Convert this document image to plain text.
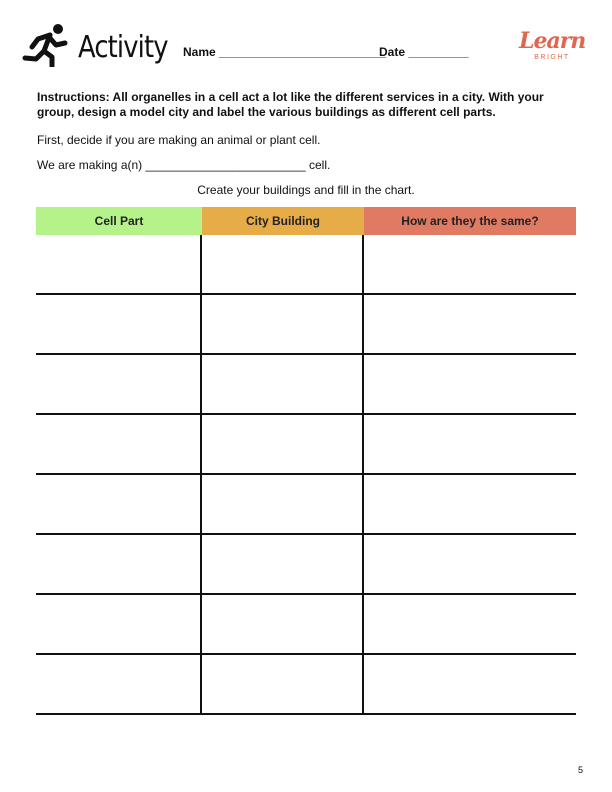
Activity Name _________________________
Date _________ Learn
BRIGHT
Instructions: All organelles in a cell act a lot like the different services in a city. With your group, design a model city and label the various buildings as different cell parts.
First, decide if you are making an animal or plant cell.
We are making a(n) ________________________ cell.
Create your buildings and fill in the chart.
Cell Part	City Building	How are they the same?
5
